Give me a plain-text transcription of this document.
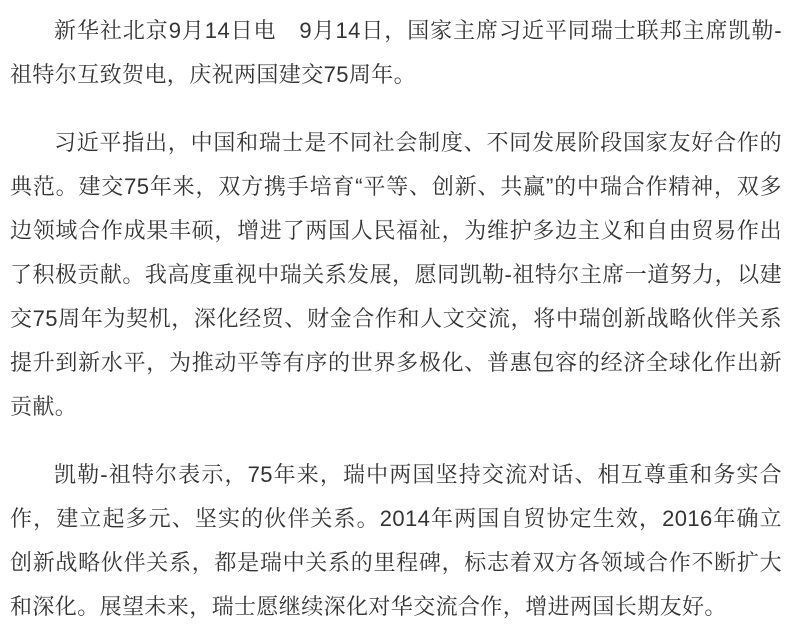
新华社北京9月14日电　9月14日，国家主席习近平同瑞士联邦主席凯勒-祖特尔互致贺电，庆祝两国建交75周年。

习近平指出，中国和瑞士是不同社会制度、不同发展阶段国家友好合作的典范。建交75年来，双方携手培育“平等、创新、共赢”的中瑞合作精神，双多边领域合作成果丰硕，增进了两国人民福祉，为维护多边主义和自由贸易作出了积极贡献。我高度重视中瑞关系发展，愿同凯勒-祖特尔主席一道努力，以建交75周年为契机，深化经贸、财金合作和人文交流，将中瑞创新战略伙伴关系提升到新水平，为推动平等有序的世界多极化、普惠包容的经济全球化作出新贡献。

凯勒-祖特尔表示，75年来，瑞中两国坚持交流对话、相互尊重和务实合作，建立起多元、坚实的伙伴关系。2014年两国自贸协定生效，2016年确立创新战略伙伴关系，都是瑞中关系的里程碑，标志着双方各领域合作不断扩大和深化。展望未来，瑞士愿继续深化对华交流合作，增进两国长期友好。
